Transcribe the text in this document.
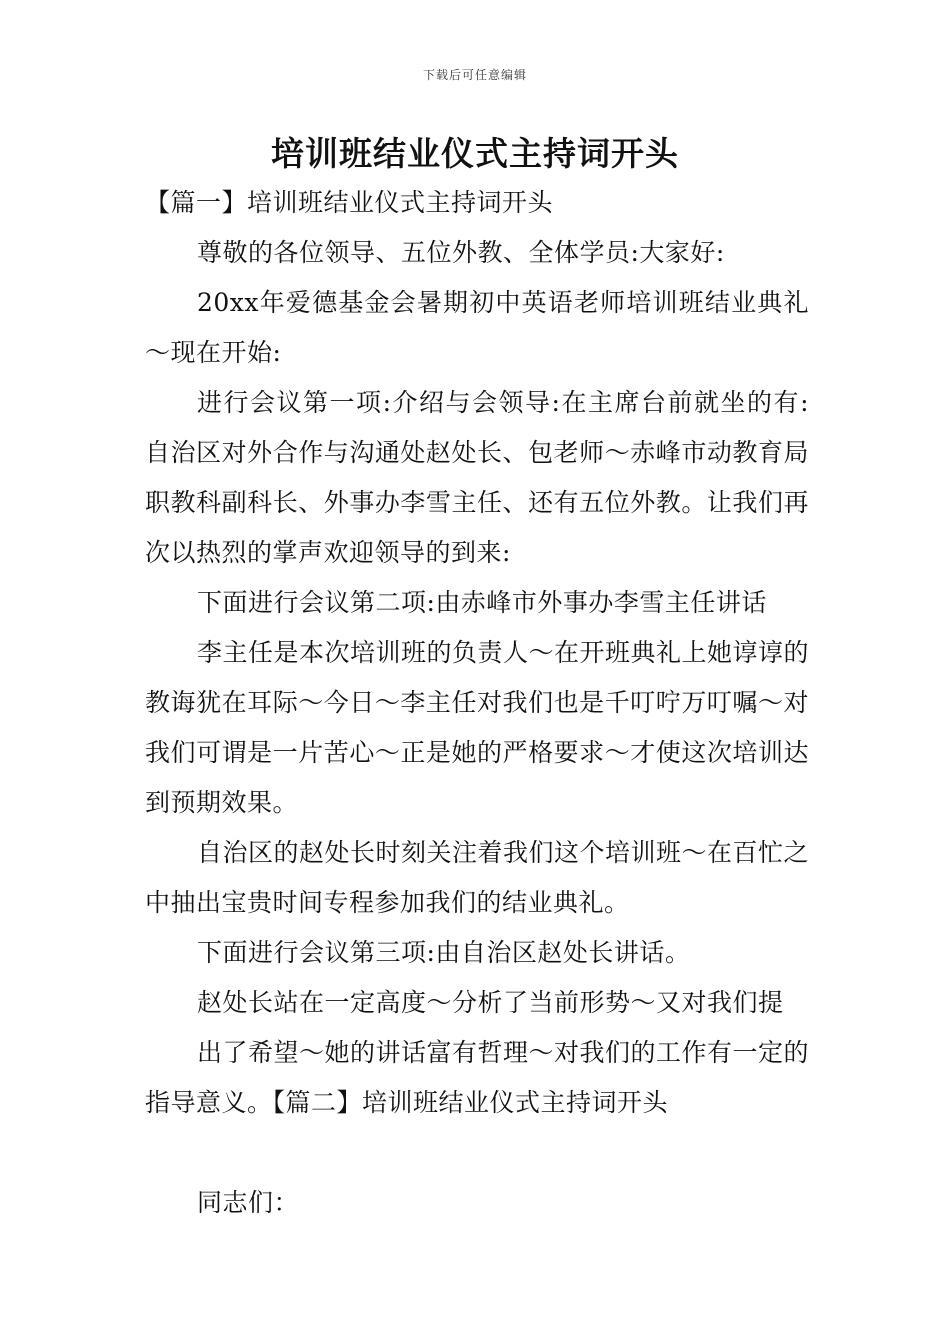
下载后可任意编辑
培训班结业仪式主持词开头

【篇一】培训班结业仪式主持词开头

尊敬的各位领导、五位外教、全体学员:大家好:

20xx年爱德基金会暑期初中英语老师培训班结业典礼～现在开始:

进行会议第一项:介绍与会领导:在主席台前就坐的有:自治区对外合作与沟通处赵处长、包老师～赤峰市动教育局职教科副科长、外事办李雪主任、还有五位外教。让我们再次以热烈的掌声欢迎领导的到来:

下面进行会议第二项:由赤峰市外事办李雪主任讲话

李主任是本次培训班的负责人～在开班典礼上她谆谆的教诲犹在耳际～今日～李主任对我们也是千叮咛万叮嘱～对我们可谓是一片苦心～正是她的严格要求～才使这次培训达到预期效果。

自治区的赵处长时刻关注着我们这个培训班～在百忙之中抽出宝贵时间专程参加我们的结业典礼。

下面进行会议第三项:由自治区赵处长讲话。

赵处长站在一定高度～分析了当前形势～又对我们提

出了希望～她的讲话富有哲理～对我们的工作有一定的指导意义。【篇二】培训班结业仪式主持词开头

同志们：
